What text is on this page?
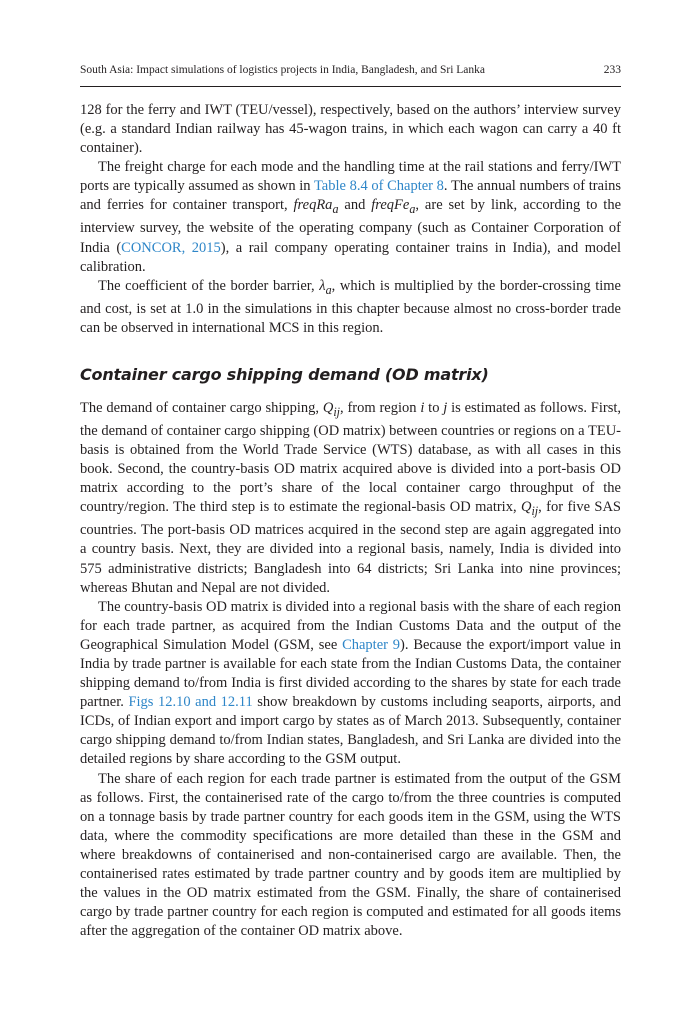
South Asia: Impact simulations of logistics projects in India, Bangladesh, and Sri Lanka	233

128 for the ferry and IWT (TEU/vessel), respectively, based on the authors’ interview survey (e.g. a standard Indian railway has 45-wagon trains, in which each wagon can carry a 40 ft container).

The freight charge for each mode and the handling time at the rail stations and ferry/IWT ports are typically assumed as shown in Table 8.4 of Chapter 8. The annual numbers of trains and ferries for container transport, freqRa$_a$ and freqFe$_a$, are set by link, according to the interview survey, the website of the operating company (such as Container Corporation of India (CONCOR, 2015), a rail company operating container trains in India), and model calibration.

The coefficient of the border barrier, $\lambda_a$, which is multiplied by the border-crossing time and cost, is set at 1.0 in the simulations in this chapter because almost no cross-border trade can be observed in international MCS in this region.

Container cargo shipping demand (OD matrix)

The demand of container cargo shipping, $Q_{ij}$, from region i to j is estimated as follows. First, the demand of container cargo shipping (OD matrix) between countries or regions on a TEU-basis is obtained from the World Trade Service (WTS) database, as with all cases in this book. Second, the country-basis OD matrix acquired above is divided into a port-basis OD matrix according to the port’s share of the local container cargo throughput of the country/region. The third step is to estimate the regional-basis OD matrix, $Q_{ij}$, for five SAS countries. The port-basis OD matrices acquired in the second step are again aggregated into a country basis. Next, they are divided into a regional basis, namely, India is divided into 575 administrative districts; Bangladesh into 64 districts; Sri Lanka into nine provinces; whereas Bhutan and Nepal are not divided.

The country-basis OD matrix is divided into a regional basis with the share of each region for each trade partner, as acquired from the Indian Customs Data and the output of the Geographical Simulation Model (GSM, see Chapter 9). Because the export/import value in India by trade partner is available for each state from the Indian Customs Data, the container shipping demand to/from India is first divided according to the shares by state for each trade partner. Figs 12.10 and 12.11 show breakdown by customs including seaports, airports, and ICDs, of Indian export and import cargo by states as of March 2013. Subsequently, container cargo shipping demand to/from Indian states, Bangladesh, and Sri Lanka are divided into the detailed regions by share according to the GSM output.

The share of each region for each trade partner is estimated from the output of the GSM as follows. First, the containerised rate of the cargo to/from the three countries is computed on a tonnage basis by trade partner country for each goods item in the GSM, using the WTS data, where the commodity specifications are more detailed than these in the GSM and where breakdowns of containerised and non-containerised cargo are available. Then, the containerised rates estimated by trade partner country and by goods item are multiplied by the values in the OD matrix estimated from the GSM. Finally, the share of containerised cargo by trade partner country for each region is computed and estimated for all goods items after the aggregation of the container OD matrix above.
